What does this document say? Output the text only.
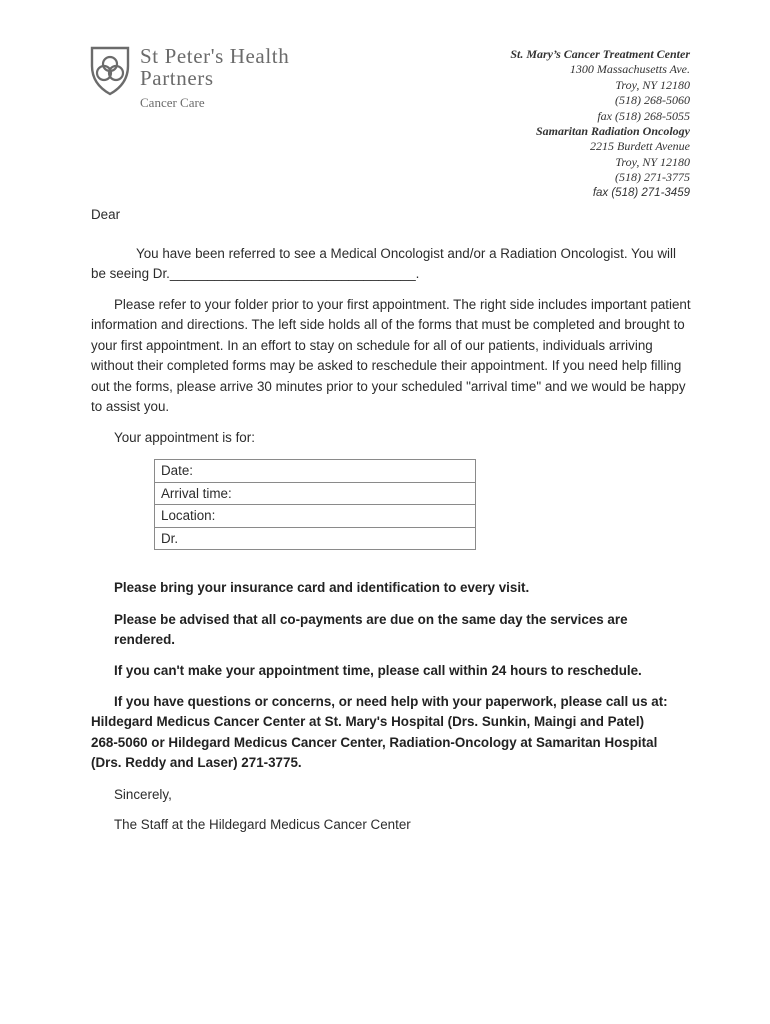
St Peter's Health
Partners
Cancer Care
St. Mary’s Cancer Treatment Center
1300 Massachusetts Ave.
Troy, NY 12180
(518) 268-5060
fax (518) 268-5055
Samaritan Radiation Oncology
2215 Burdett Avenue
Troy, NY 12180
(518) 271-3775
fax (518) 271-3459
Dear
You have been referred to see a Medical Oncologist and/or a Radiation Oncologist. You will be seeing Dr._________________________________.
Please refer to your folder prior to your first appointment. The right side includes important patient information and directions. The left side holds all of the forms that must be completed and brought to your first appointment. In an effort to stay on schedule for all of our patients, individuals arriving without their completed forms may be asked to reschedule their appointment. If you need help filling out the forms, please arrive 30 minutes prior to your scheduled "arrival time" and we would be happy to assist you.
Your appointment is for:
Date:
Arrival time:
Location:
Dr.
Please bring your insurance card and identification to every visit.
Please be advised that all co-payments are due on the same day the services are rendered.
If you can't make your appointment time, please call within 24 hours to reschedule.
If you have questions or concerns, or need help with your paperwork, please call us at: Hildegard Medicus Cancer Center at St. Mary's Hospital (Drs. Sunkin, Maingi and Patel) 268-5060 or Hildegard Medicus Cancer Center, Radiation-Oncology at Samaritan Hospital (Drs. Reddy and Laser) 271-3775.
Sincerely,
The Staff at the Hildegard Medicus Cancer Center
